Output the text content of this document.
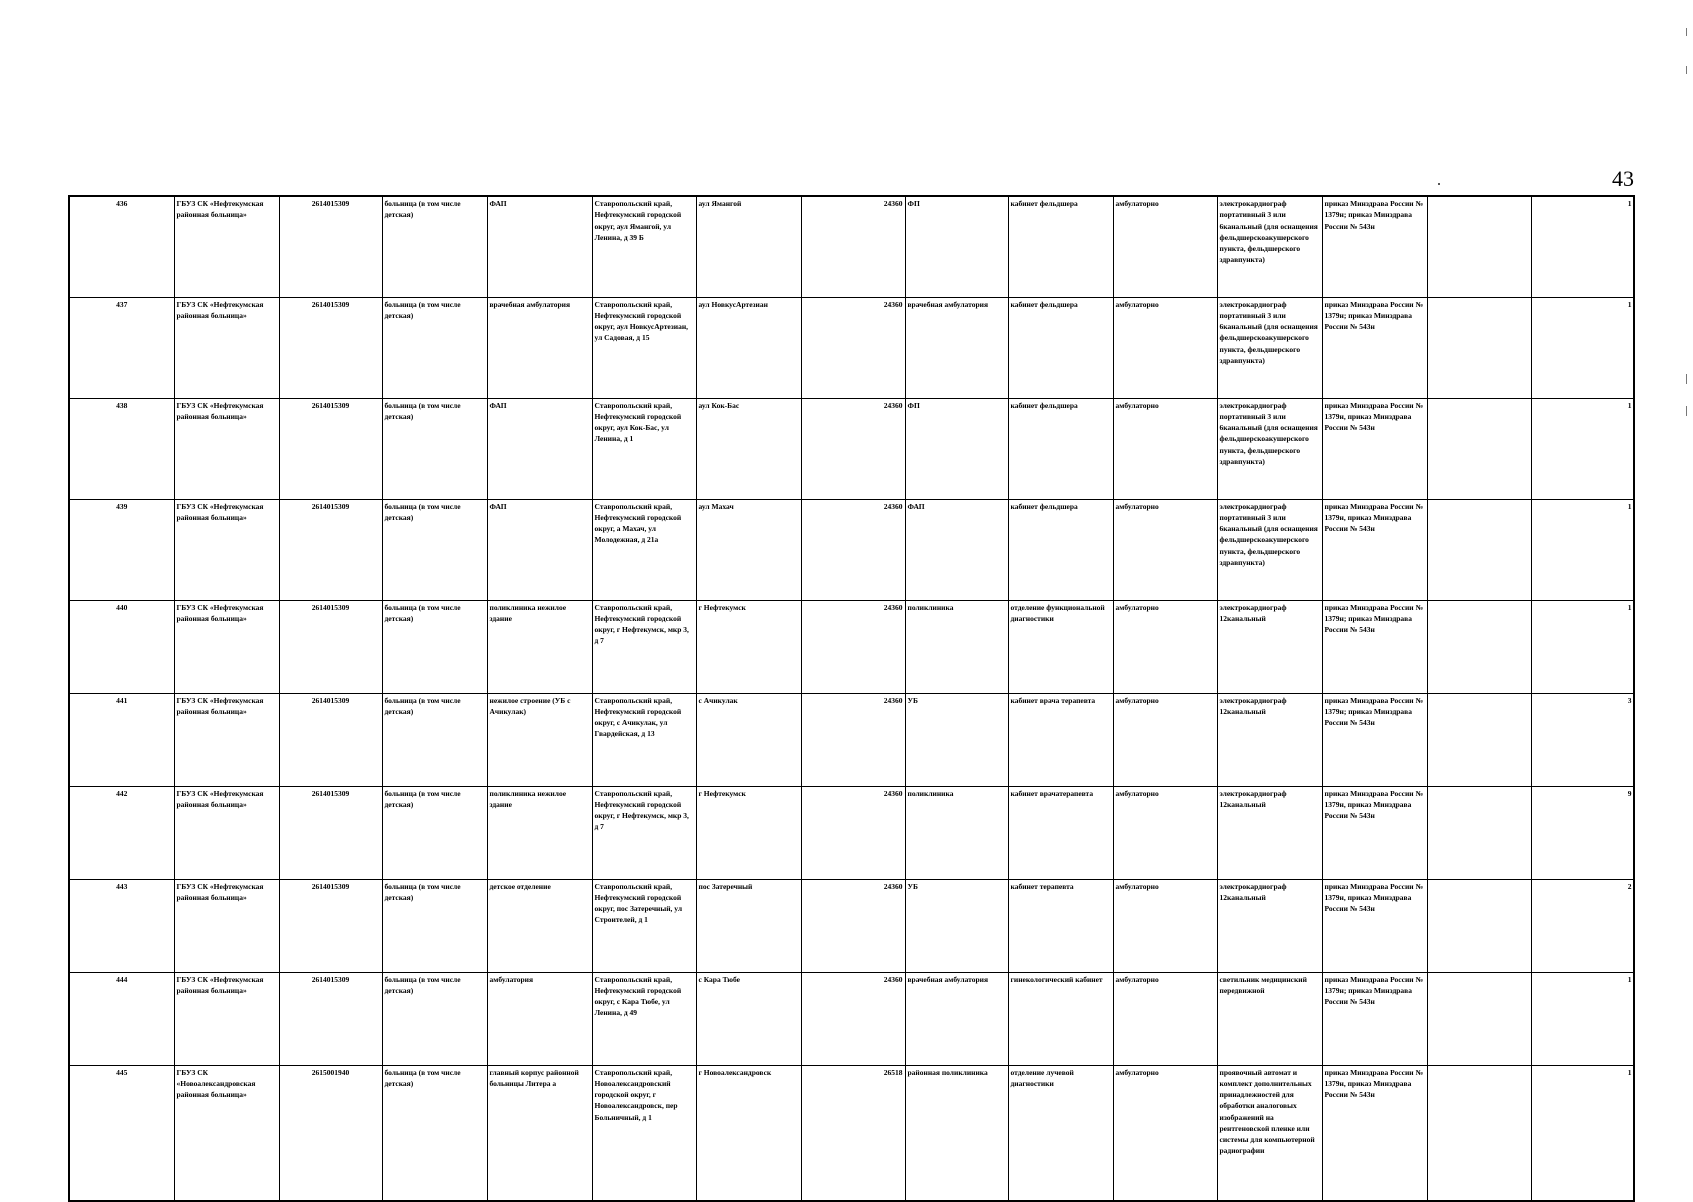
43
436	ГБУЗ СК «Нефтекумская районная больница»	2614015309	больница (в том числе детская)	ФАП	Ставропольский край, Нефтекумский городской округ, аул Ямангой, ул Ленина, д 39 Б	аул Ямангой	24360	ФП	кабинет фельдшера	амбулаторно	электрокардиограф портативный 3 или 6канальный (для оснащения фельдшерскоакушерского пункта, фельдшерского здравпункта)	приказ Минздрава России № 1379н; приказ Минздрава России № 543н		1	
437	ГБУЗ СК «Нефтекумская районная больница»	2614015309	больница (в том числе детская)	врачебная амбулатория	Ставропольский край, Нефтекумский городской округ, аул НовкусАртезиан, ул Садовая, д 15	аул НовкусАртезиан	24360	врачебная амбулатория	кабинет фельдшера	амбулаторно	электрокардиограф портативный 3 или 6канальный (для оснащения фельдшерскоакушерского пункта, фельдшерского здравпункта)	приказ Минздрава России № 1379н; приказ Минздрава России № 543н		1	
438	ГБУЗ СК «Нефтекумская районная больница»	2614015309	больница (в том числе детская)	ФАП	Ставропольский край, Нефтекумский городской округ, аул Кок-Бас, ул Ленина, д 1	аул Кок-Бас	24360	ФП	кабинет фельдшера	амбулаторно	электрокардиограф портативный 3 или 6канальный (для оснащения фельдшерскоакушерского пункта, фельдшерского здравпункта)	приказ Минздрава России № 1379н, приказ Минздрава России № 543н		1	
439	ГБУЗ СК «Нефтекумская районная больница»	2614015309	больница (в том числе детская)	ФАП	Ставропольский край, Нефтекумский городской округ, а Махач, ул Молодежная, д 21а	аул Махач	24360	ФАП	кабинет фельдшера	амбулаторно	электрокардиограф портативный 3 или 6канальный (для оснащения фельдшерскоакушерского пункта, фельдшерского здравпункта)	приказ Минздрава России № 1379н, приказ Минздрава России № 543н		1	
440	ГБУЗ СК «Нефтекумская районная больница»	2614015309	больница (в том числе детская)	поликлиника нежилое здание	Ставропольский край, Нефтекумский городской округ, г Нефтекумск, мкр 3, д 7	г Нефтекумск	24360	поликлиника	отделение функциональной диагностики	амбулаторно	электрокардиограф 12канальный	приказ Минздрава России № 1379н; приказ Минздрава России № 543н		1	
441	ГБУЗ СК «Нефтекумская районная больница»	2614015309	больница (в том числе детская)	нежилое строение (УБ с Ачикулак)	Ставропольский край, Нефтекумский городской округ, с Ачикулак, ул Гвардейская, д 13	с Ачикулак	24360	УБ	кабинет врача терапевта	амбулаторно	электрокардиограф 12канальный	приказ Минздрава России № 1379н; приказ Минздрава России № 543н		3	
442	ГБУЗ СК «Нефтекумская районная больница»	2614015309	больница (в том числе детская)	поликлиника нежилое здание	Ставропольский край, Нефтекумский городской округ, г Нефтекумск, мкр 3, д 7	г Нефтекумск	24360	поликлиника	кабинет врачатерапевта	амбулаторно	электрокардиограф 12канальный	приказ Минздрава России № 1379н, приказ Минздрава России № 543н		9	
443	ГБУЗ СК «Нефтекумская районная больница»	2614015309	больница (в том числе детская)	детское отделение	Ставропольский край, Нефтекумский городской округ, пос Затеречный, ул Строителей, д 1	пос Затеречный	24360	УБ	кабинет терапевта	амбулаторно	электрокардиограф 12канальный	приказ Минздрава России № 1379н, приказ Минздрава России № 543н		2	
444	ГБУЗ СК «Нефтекумская районная больница»	2614015309	больница (в том числе детская)	амбулатория	Ставропольский край, Нефтекумский городской округ, с Кара Тюбе, ул Ленина, д 49	с Кара Тюбе	24360	врачебная амбулатория	гинекологический кабинет	амбулаторно	светильник медицинский передвижной	приказ Минздрава России № 1379н; приказ Минздрава России № 543н		1	
445	ГБУЗ СК «Новоалександровская районная больница»	2615001940	больница (в том числе детская)	главный корпус районной больницы Литера а	Ставропольский край, Новоалександровский городской округ, г Новоалександровск, пер Больничный, д 1	г Новоалександровск	26518	районная поликлиника	отделение лучевой диагностики	амбулаторно	проявочный автомат и комплект дополнительных принадлежностей для обработки аналоговых изображений на рентгеновской пленке или системы для компьютерной радиографии	приказ Минздрава России № 1379н, приказ Минздрава России № 543н		1	
